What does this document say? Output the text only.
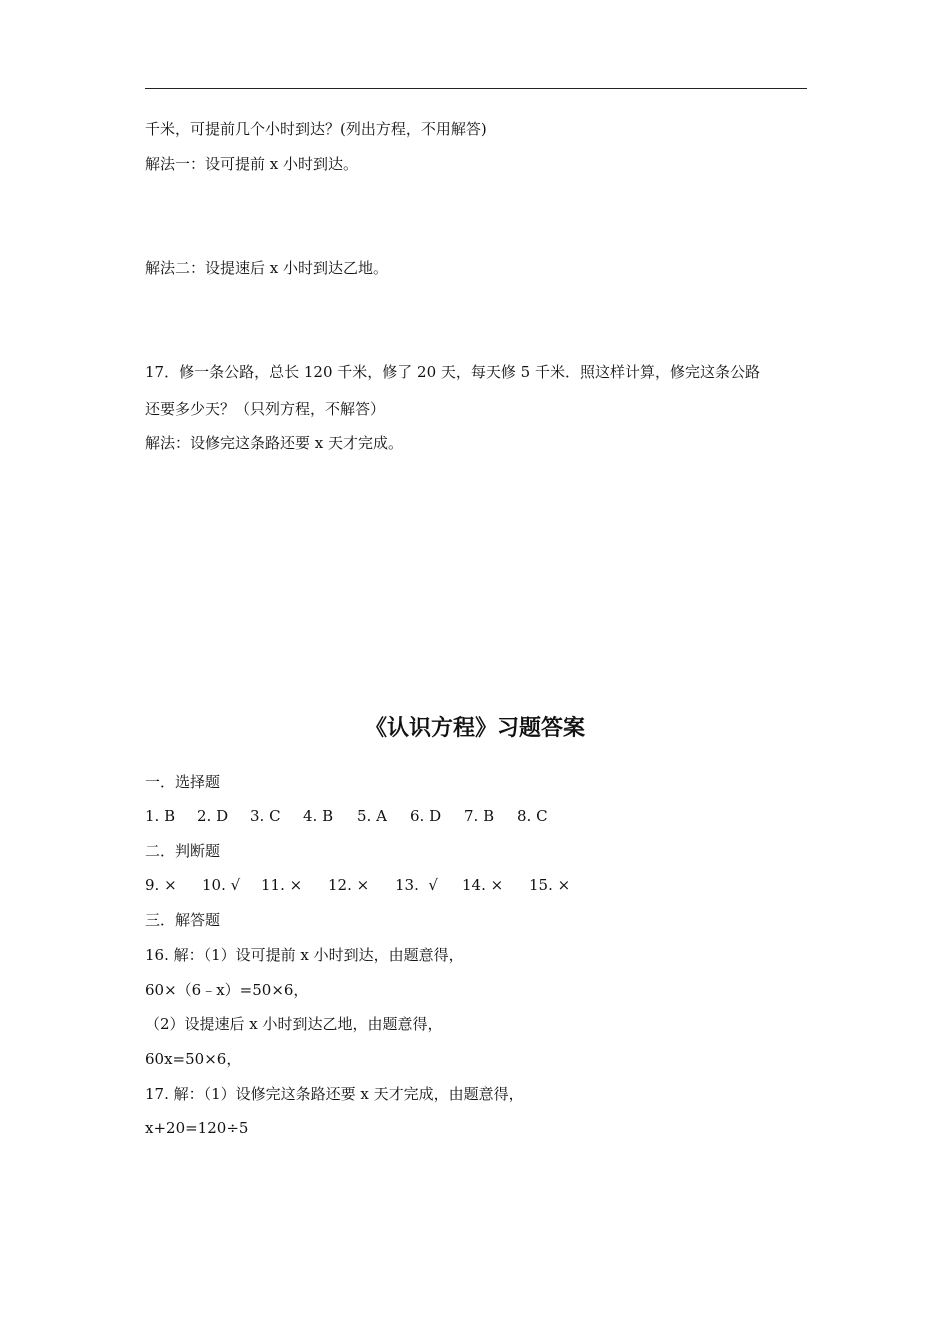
千米，可提前几个小时到达？(列出方程，不用解答)
解法一：设可提前 x 小时到达。
解法二：设提速后 x 小时到达乙地。
17．修一条公路，总长 120 千米，修了 20 天，每天修 5 千米．照这样计算，修完这条公路
还要多少天？（只列方程，不解答）
解法：设修完这条路还要 x 天才完成。
《认识方程》习题答案
一．选择题
1. B 2. D 3. C 4. B 5. A 6. D 7. B 8. C
二．判断题
9. × 10. √ 11. × 12. × 13.  √ 14. × 15. ×
三．解答题
16. 解：（1）设可提前 x 小时到达，由题意得，
60×（6﹣x）=50×6，
（2）设提速后 x 小时到达乙地，由题意得，
60x=50×6，
17. 解：（1）设修完这条路还要 x 天才完成，由题意得，
x+20=120÷5
